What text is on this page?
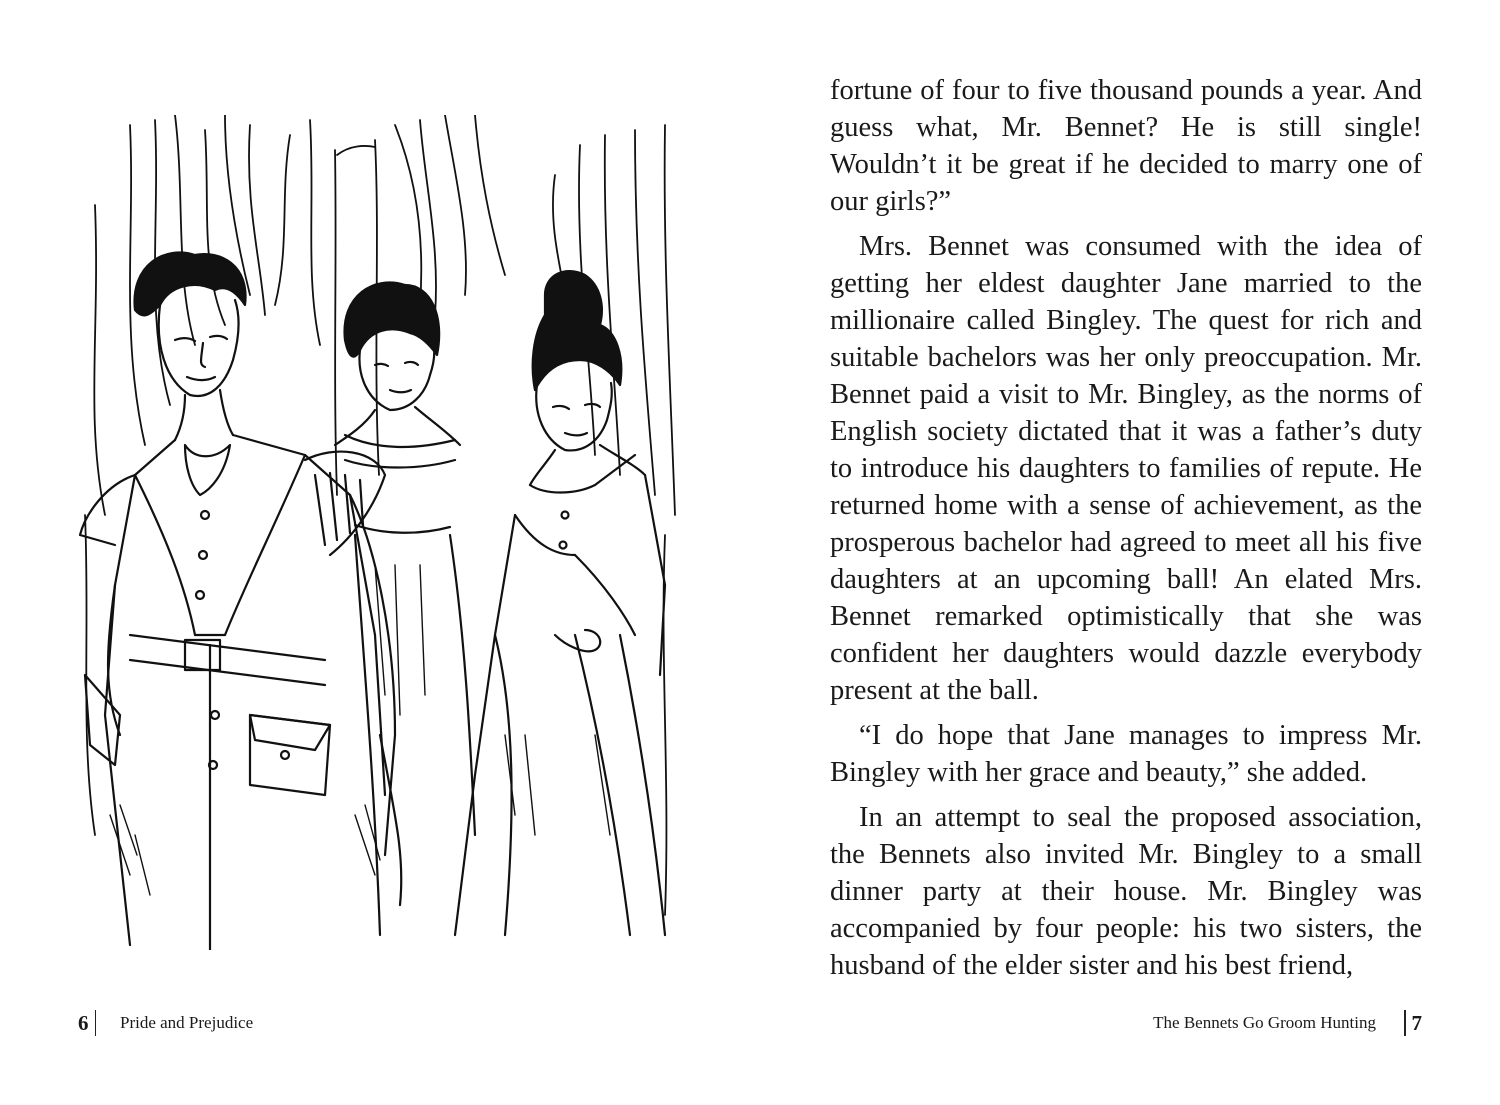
6 Pride and Prejudice

fortune of four to five thousand pounds a year. And guess what, Mr. Bennet? He is still single! Wouldn’t it be great if he decided to marry one of our girls?”

Mrs. Bennet was consumed with the idea of getting her eldest daughter Jane married to the millionaire called Bingley. The quest for rich and suitable bachelors was her only preoccupation. Mr. Bennet paid a visit to Mr. Bingley, as the norms of English society dictated that it was a father’s duty to introduce his daughters to families of repute. He returned home with a sense of achievement, as the prosperous bachelor had agreed to meet all his five daughters at an upcoming ball! An elated Mrs. Bennet remarked optimistically that she was confident her daughters would dazzle everybody present at the ball.

“I do hope that Jane manages to impress Mr. Bingley with her grace and beauty,” she added.

In an attempt to seal the proposed association, the Bennets also invited Mr. Bingley to a small dinner party at their house. Mr. Bingley was accompanied by four people: his two sisters, the husband of the elder sister and his best friend,

The Bennets Go Groom Hunting 7
